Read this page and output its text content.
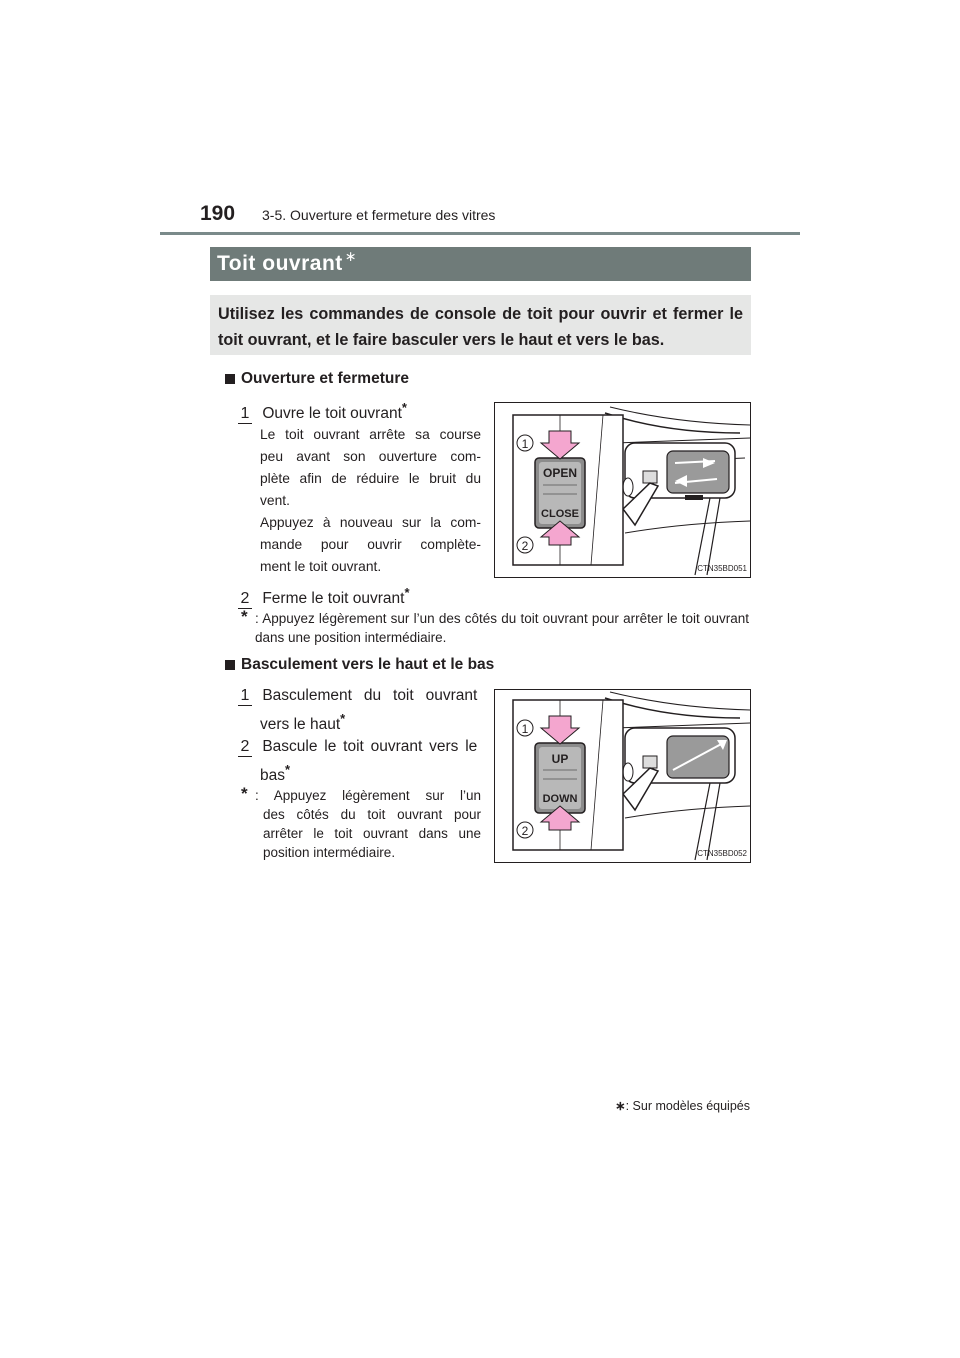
190 3-5. Ouverture et fermeture des vitres
Toit ouvrant ∗
Utilisez les commandes de console de toit pour ouvrir et fermer le toit ouvrant, et le faire basculer vers le haut et vers le bas.
Ouverture et fermeture
1 Ouvre le toit ouvrant*
Le toit ouvrant arrête sa course
peu avant son ouverture com-
plète afin de réduire le bruit du
vent.
Appuyez à nouveau sur la com-
mande pour ouvrir complète-
ment le toit ouvrant.
2 Ferme le toit ouvrant*
* : Appuyez légèrement sur l’un des côtés du toit ouvrant pour arrêter le toit ouvrant dans une position intermédiaire.
OPEN
CLOSE
1
2
CTN35BD051
Basculement vers le haut et le bas
1 Basculement du toit ouvrant
vers le haut*
2 Bascule le toit ouvrant vers le
bas*
* : Appuyez légèrement sur l’un
des côtés du toit ouvrant pour
arrêter le toit ouvrant dans une
position intermédiaire.
UP
DOWN
1
2
CTN35BD052
∗: Sur modèles équipés
